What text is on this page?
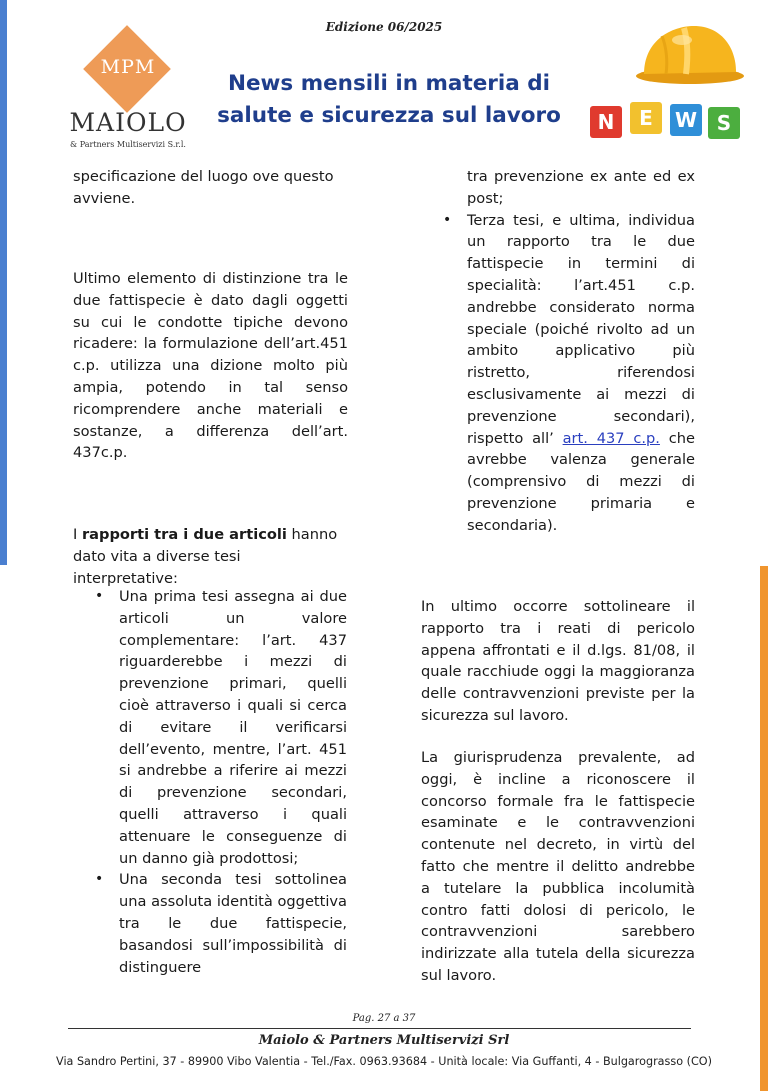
Edizione 06/2025
MPM
MAIOLO
& Partners Multiservizi S.r.l.
News mensili in materia di
salute e sicurezza sul lavoro	N	E	W S

specificazione del luogo ove questo avviene.

Ultimo elemento di distinzione tra le due fattispecie è dato dagli oggetti su cui le condotte tipiche devono ricadere: la formulazione dell’art.451 c.p. utilizza una dizione molto più ampia, potendo in tal senso ricomprendere anche materiali e sostanze, a differenza dell’art. 437c.p.

I rapporti tra i due articoli hanno dato vita a diverse tesi interpretative:

• Una prima tesi assegna ai due articoli un valore complementare: l’art. 437 riguarderebbe i mezzi di prevenzione primari, quelli cioè attraverso i quali si cerca di evitare il verificarsi dell’evento, mentre, l’art. 451 si andrebbe a riferire ai mezzi di prevenzione secondari, quelli attraverso i quali attenuare le conseguenze di un danno già prodottosi;
• Una seconda tesi sottolinea una assoluta identità oggettiva tra le due fattispecie, basandosi sull’impossibilità di distinguere

tra prevenzione ex ante ed ex post;

• Terza tesi, e ultima, individua un rapporto tra le due fattispecie in termini di specialità: l’art.451 c.p. andrebbe considerato norma speciale (poiché rivolto ad un ambito applicativo più ristretto, riferendosi esclusivamente ai mezzi di prevenzione secondari), rispetto all’ art. 437 c.p. che avrebbe valenza generale (comprensivo di mezzi di prevenzione primaria e secondaria).

In ultimo occorre sottolineare il rapporto tra i reati di pericolo appena affrontati e il d.lgs. 81/08, il quale racchiude oggi la maggioranza delle contravvenzioni previste per la sicurezza sul lavoro.

La giurisprudenza prevalente, ad oggi, è incline a riconoscere il concorso formale fra le fattispecie esaminate e le contravvenzioni contenute nel decreto, in virtù del fatto che mentre il delitto andrebbe a tutelare la pubblica incolumità contro fatti dolosi di pericolo, le contravvenzioni sarebbero indirizzate alla tutela della sicurezza sul lavoro.

Pag. 27 a 37
Maiolo & Partners Multiservizi Srl
Via Sandro Pertini, 37 - 89900 Vibo Valentia - Tel./Fax. 0963.93684 - Unità locale: Via Guffanti, 4 - Bulgarograsso (CO)
